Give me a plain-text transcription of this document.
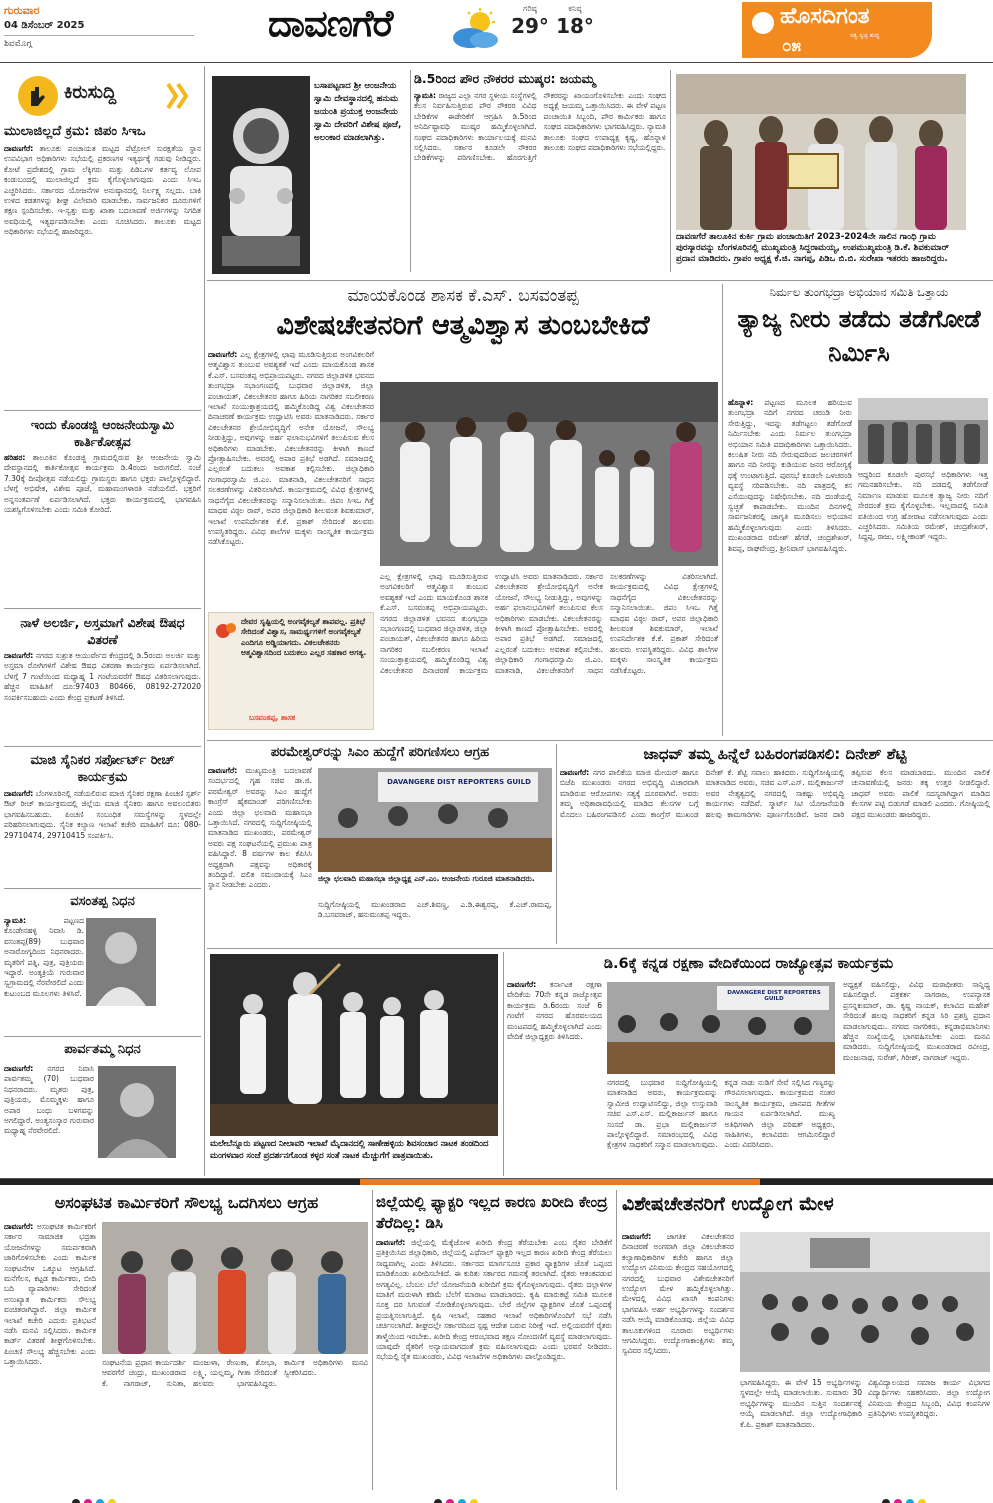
ಗುರುವಾರ
04 ಡಿಸೆಂಬರ್ 2025
ಶಿವಮೊಗ್ಗ	ದಾವಣಗೆರೆ	ಗರಿಷ್ಠ
29°
ಕನಿಷ್ಠ
18°	ಹೊಸದಿಗಂತ
ಸತ್ಯ ಸ್ವಚ್ಛ ಶುದ್ಧ
೦೫
ಕಿರುಸುದ್ದಿ
ಮುಲಾಜಿಲ್ಲದೆ ಕ್ರಮ: ಜಿಪಂ ಸಿಇಒ
ದಾವಣಗೆರೆ: ತಾಲೂಕು ಪಂಚಾಯತ ಮಟ್ಟದ ಪೆಟ್ರೋಲ್ ಸುರಕ್ಷತೆಯ ಸ್ಥಾನ ಉಪವಿಭಾಗ ಅಧಿಕಾರಿಗಳು ಸಭೆಯಲ್ಲಿ ಪ್ರಕರಣಗಳ ಇತ್ಯರ್ಥಕ್ಕೆ ಗಡುವು ನೀಡಿದ್ದರು. ಕೋಟೆ ಪ್ರದೇಶದಲ್ಲಿ ಗ್ರಾಮ ಲೆಕ್ಕಿಗರು ಮತ್ತು ಪಿಡಿಒಗಳ ಕರ್ತವ್ಯ ಲೋಪ ಕಂಡುಬಂದಲ್ಲಿ ಮುಲಾಜಿಲ್ಲದೆ ಕ್ರಮ ಕೈಗೊಳ್ಳಲಾಗುವುದು ಎಂದು ಸಿಇಒ ಎಚ್ಚರಿಸಿದರು. ಸರ್ಕಾರದ ಯೋಜನೆಗಳ ಅನುಷ್ಠಾನದಲ್ಲಿ ನಿರ್ಲಕ್ಷ್ಯ ಸಲ್ಲದು. ಬಾಕಿ ಉಳಿದ ಕಡತಗಳನ್ನು ಶೀಘ್ರ ವಿಲೇವಾರಿ ಮಾಡಬೇಕು. ಸಾರ್ವಜನಿಕರ ದೂರುಗಳಿಗೆ ತಕ್ಷಣ ಸ್ಪಂದಿಸಬೇಕು. ಇ-ಸ್ವತ್ತು ಮತ್ತು ಖಾತಾ ಬದಲಾವಣೆ ಅರ್ಜಿಗಳನ್ನು ನಿಗದಿತ ಅವಧಿಯಲ್ಲಿ ಇತ್ಯರ್ಥಪಡಿಸಬೇಕು ಎಂದು ಸೂಚಿಸಿದರು. ತಾಲೂಕು ಮಟ್ಟದ ಅಧಿಕಾರಿಗಳು ಸಭೆಯಲ್ಲಿ ಹಾಜರಿದ್ದರು.
ಇಂದು ಕೊಂಡಜ್ಜಿ ಆಂಜನೇಯಸ್ವಾಮಿ ಕಾರ್ತಿಕೋತ್ಸವ
ಹರಿಹರ: ತಾಲೂಕಿನ ಕೊಂಡಜ್ಜಿ ಗ್ರಾಮದಲ್ಲಿರುವ ಶ್ರೀ ಆಂಜನೇಯ ಸ್ವಾಮಿ ದೇವಸ್ಥಾನದಲ್ಲಿ ಕಾರ್ತಿಕೋತ್ಸವ ಕಾರ್ಯಕ್ರಮ ಡಿ.4ರಂದು ಜರುಗಲಿದೆ. ಸಂಜೆ 7.30ಕ್ಕೆ ದೀಪೋತ್ಸವ ನಡೆಯಲಿದ್ದು ಗ್ರಾಮಸ್ಥರು ಹಾಗೂ ಭಕ್ತರು ಪಾಲ್ಗೊಳ್ಳಲಿದ್ದಾರೆ. ಬೆಳಗ್ಗೆ ಅಭಿಷೇಕ, ವಿಶೇಷ ಪೂಜೆ, ಮಹಾಮಂಗಳಾರತಿ ನಡೆಯಲಿದೆ. ಭಕ್ತರಿಗೆ ಅನ್ನಸಂತರ್ಪಣೆ ಏರ್ಪಡಿಸಲಾಗಿದೆ. ಭಕ್ತರು ಕಾರ್ಯಕ್ರಮದಲ್ಲಿ ಭಾಗವಹಿಸಿ ಯಶಸ್ವಿಗೊಳಿಸಬೇಕು ಎಂದು ಸಮಿತಿ ಕೋರಿದೆ.
ನಾಳೆ ಅಲರ್ಜಿ, ಅಸ್ತಮಾಗೆ ವಿಶೇಷ ಔಷಧ ವಿತರಣೆ
ದಾವಣಗೆರೆ: ನಗರದ ಸುಶ್ರುತ ಆಯುರ್ವೇದ ಕೇಂದ್ರದಲ್ಲಿ ಡಿ.5ರಂದು ಅಲರ್ಜಿ ಮತ್ತು ಅಸ್ತಮಾ ರೋಗಿಗಳಿಗೆ ವಿಶೇಷ ಔಷಧ ವಿತರಣಾ ಕಾರ್ಯಕ್ರಮ ಏರ್ಪಡಿಸಲಾಗಿದೆ. ಬೆಳಗ್ಗೆ 7 ಗಂಟೆಯಿಂದ ಮಧ್ಯಾಹ್ನ 1 ಗಂಟೆಯವರೆಗೆ ಔಷಧ ವಿತರಿಸಲಾಗುವುದು. ಹೆಚ್ಚಿನ ಮಾಹಿತಿಗೆ ದೂ:97403 80466, 08192-272020 ಸಂಪರ್ಕಿಸಬಹುದು ಎಂದು ಕೇಂದ್ರ ಪ್ರಕಟಣೆ ತಿಳಿಸಿದೆ.
ಮಾಜಿ ಸೈನಿಕರ ಸರ್ಪೋರ್ಟ್ ರೀಚ್ ಕಾರ್ಯಕ್ರಮ
ದಾವಣಗೆರೆ: ಬೆಂಗಳೂರಿನಲ್ಲಿ ನಡೆಯಲಿರುವ ಮಾಜಿ ಸೈನಿಕರ ರಕ್ಷಣಾ ಪಿಂಚಣಿ ಸ್ಪರ್ಶ್ ಔಟ್ ರೀಚ್ ಕಾರ್ಯಕ್ರಮದಲ್ಲಿ ಜಿಲ್ಲೆಯ ಮಾಜಿ ಸೈನಿಕರು ಹಾಗೂ ಅವಲಂಬಿತರು ಭಾಗವಹಿಸಬಹುದು. ಪಿಂಚಣಿ ಸಂಬಂಧಿತ ಸಮಸ್ಯೆಗಳನ್ನು ಸ್ಥಳದಲ್ಲೇ ಪರಿಹರಿಸಲಾಗುವುದು. ಸೈನಿಕ ಕಲ್ಯಾಣ ಇಲಾಖೆ ಕಚೇರಿ ಮಾಹಿತಿಗೆ ದೂ: 080-29710474, 29710415 ಸಂಪರ್ಕಿಸಿ.
ವಸಂತಪ್ಪ ನಿಧನ
ನ್ಯಾಮತಿ:	ಪಟ್ಟಣದ ಕೊಂಡೇನಹಳ್ಳಿ ನಿವಾಸಿ ಡಿ. ವಸಂತಪ್ಪ(89) ಬುಧವಾರ ಅನಾರೋಗ್ಯದಿಂದ ನಿಧನರಾದರು. ಮೃತರಿಗೆ ಪತ್ನಿ, ಪುತ್ರ, ಪುತ್ರಿಯರು ಇದ್ದಾರೆ. ಅಂತ್ಯಕ್ರಿಯೆ ಗುರುವಾರ ಸ್ವಗ್ರಾಮದಲ್ಲಿ ನೆರವೇರಲಿದೆ ಎಂದು ಕುಟುಂಬದ ಮೂಲಗಳು ತಿಳಿಸಿವೆ.
ಪಾರ್ವತಮ್ಮ ನಿಧನ
ದಾವಣಗೆರೆ: ನಗರದ ನಿವಾಸಿ ಪಾರ್ವತಮ್ಮ (70) ಬುಧವಾರ ನಿಧನರಾದರು. ಮೃತರು ಪುತ್ರ, ಪುತ್ರಿಯರು, ಮೊಮ್ಮಕ್ಕಳು ಹಾಗೂ ಅಪಾರ ಬಂಧು ಬಳಗವನ್ನು ಅಗಲಿದ್ದಾರೆ. ಅಂತ್ಯಸಂಸ್ಕಾರ ಗುರುವಾರ ಮಧ್ಯಾಹ್ನ ನೆರವೇರಲಿದೆ.
ಬಸಾಪಟ್ಟಣದ ಶ್ರೀ ಆಂಜನೇಯ ಸ್ವಾಮಿ ದೇವಸ್ಥಾನದಲ್ಲಿ ಹನುಮ ಜಯಂತಿ ಪ್ರಯುಕ್ತ ಆಂಜನೇಯ ಸ್ವಾಮಿ ದೇವರಿಗೆ ವಿಶೇಷ ಪೂಜೆ, ಅಲಂಕಾರ ಮಾಡಲಾಗಿತ್ತು.
ಡಿ.5ರಿಂದ ಪೌರ ನೌಕರರ ಮುಷ್ಕರ: ಜಯಮ್ಮ
ನ್ಯಾಮತಿ: ರಾಜ್ಯದ ಎಲ್ಲಾ ನಗರ ಸ್ಥಳೀಯ ಸಂಸ್ಥೆಗಳಲ್ಲಿ ಕೆಲಸ ನಿರ್ವಹಿಸುತ್ತಿರುವ ಪೌರ ನೌಕರರ ವಿವಿಧ ಬೇಡಿಕೆಗಳ ಈಡೇರಿಕೆಗೆ ಆಗ್ರಹಿಸಿ ಡಿ.5ರಿಂದ ಅನಿರ್ದಿಷ್ಟಾವಧಿ ಮುಷ್ಕರ ಹಮ್ಮಿಕೊಳ್ಳಲಾಗಿದೆ. ಸಂಘದ ಪದಾಧಿಕಾರಿಗಳು ಕಾರ್ಯಾಲಯಕ್ಕೆ ಮನವಿ ಸಲ್ಲಿಸಿದರು. ಸರ್ಕಾರ ಕೂಡಲೇ ನೌಕರರ ಬೇಡಿಕೆಗಳನ್ನು ಪರಿಗಣಿಸಬೇಕು. ಹೊರಗುತ್ತಿಗೆ ನೌಕರರನ್ನು ಖಾಯಂಗೊಳಿಸಬೇಕು ಎಂದು ಸಂಘದ ಅಧ್ಯಕ್ಷೆ ಜಯಮ್ಮ ಒತ್ತಾಯಿಸಿದರು. ಈ ವೇಳೆ ಪಟ್ಟಣ ಪಂಚಾಯಿತಿ ಸಿಬ್ಬಂದಿ, ಪೌರ ಕಾರ್ಮಿಕರು ಹಾಗೂ ಸಂಘದ ಪದಾಧಿಕಾರಿಗಳು ಭಾಗವಹಿಸಿದ್ದರು. ನ್ಯಾಮತಿ ತಾಲೂಕು ಸಂಘದ ಉಪಾಧ್ಯಕ್ಷ ಕೃಷ್ಣ, ಹೊನ್ನಾಳಿ ತಾಲೂಕು ಸಂಘದ ಪದಾಧಿಕಾರಿಗಳು ಸಭೆಯಲ್ಲಿದ್ದರು.
ದಾವಣಗೆರೆ ತಾಲೂಕಿನ ಕುರ್ಕಿ ಗ್ರಾಮ ಪಂಚಾಯಿತಿಗೆ 2023-2024ನೇ ಸಾಲಿನ ಗಾಂಧಿ ಗ್ರಾಮ ಪುರಸ್ಕಾರವನ್ನು ಬೆಂಗಳೂರಿನಲ್ಲಿ ಮುಖ್ಯಮಂತ್ರಿ ಸಿದ್ದರಾಮಯ್ಯ, ಉಪಮುಖ್ಯಮಂತ್ರಿ ಡಿ.ಕೆ. ಶಿವಕುಮಾರ್ ಪ್ರದಾನ ಮಾಡಿದರು. ಗ್ರಾಪಂ ಅಧ್ಯಕ್ಷ ಕೆ.ಜಿ. ನಾಗಪ್ಪ, ಪಿಡಿಒ ಬಿ.ಬಿ. ಸುರೇಖಾ ಇತರರು ಹಾಜರಿದ್ದರು.
ಮಾಯಕೊಂಡ ಶಾಸಕ ಕೆ.ಎಸ್. ಬಸವಂತಪ್ಪ
ವಿಶೇಷಚೇತನರಿಗೆ ಆತ್ಮವಿಶ್ವಾಸ ತುಂಬಬೇಕಿದೆ
ದಾವಣಗೆರೆ: ಎಲ್ಲ ಕ್ಷೇತ್ರಗಳಲ್ಲಿ ಛಾಪು ಮೂಡಿಸುತ್ತಿರುವ ಅಂಗವಿಕಲರಿಗೆ ಆತ್ಮವಿಶ್ವಾಸ ತುಂಬುವ ಅವಶ್ಯಕತೆ ಇದೆ ಎಂದು ಮಾಯಕೊಂಡ ಶಾಸಕ ಕೆ.ಎಸ್. ಬಸವಂತಪ್ಪ ಅಭಿಪ್ರಾಯಪಟ್ಟರು. ನಗರದ ಜಿಲ್ಲಾಡಳಿತ ಭವನದ ತುಂಗಭದ್ರಾ ಸಭಾಂಗಣದಲ್ಲಿ ಬುಧವಾರ ಜಿಲ್ಲಾಡಳಿತ, ಜಿಲ್ಲಾ ಪಂಚಾಯತ್, ವಿಕಲಚೇತನರ ಹಾಗೂ ಹಿರಿಯ ನಾಗರಿಕರ ಸಬಲೀಕರಣ ಇಲಾಖೆ ಸಂಯುಕ್ತಾಶ್ರಯದಲ್ಲಿ ಹಮ್ಮಿಕೊಂಡಿದ್ದ ವಿಶ್ವ ವಿಕಲಚೇತನರ ದಿನಾಚರಣೆ ಕಾರ್ಯಕ್ರಮ ಉದ್ಘಾಟಿಸಿ ಅವರು ಮಾತನಾಡಿದರು. ಸರ್ಕಾರ ವಿಕಲಚೇತನರ ಶ್ರೇಯೋಭಿವೃದ್ಧಿಗೆ ಅನೇಕ ಯೋಜನೆ, ಸೌಲಭ್ಯ ನೀಡುತ್ತಿದ್ದು, ಅವುಗಳನ್ನು ಅರ್ಹ ಫಲಾನುಭವಿಗಳಿಗೆ ತಲುಪಿಸುವ ಕೆಲಸ ಅಧಿಕಾರಿಗಳು ಮಾಡಬೇಕು. ವಿಕಲಚೇತನರನ್ನು ಕೀಳಾಗಿ ಕಾಣದೆ ಪ್ರೋತ್ಸಾಹಿಸಬೇಕು. ಅವರಲ್ಲಿ ಅಪಾರ ಪ್ರತಿಭೆ ಅಡಗಿದೆ. ಸಮಾಜದಲ್ಲಿ ಎಲ್ಲರಂತೆ ಬದುಕಲು ಅವಕಾಶ ಕಲ್ಪಿಸಬೇಕು. ಜಿಲ್ಲಾಧಿಕಾರಿ ಗಂಗಾಧರಸ್ವಾಮಿ ಜಿ.ಎಂ. ಮಾತನಾಡಿ, ವಿಕಲಚೇತನರಿಗೆ ಸಾಧನ ಸಲಕರಣೆಗಳನ್ನು ವಿತರಿಸಲಾಗಿದೆ. ಕಾರ್ಯಕ್ರಮದಲ್ಲಿ ವಿವಿಧ ಕ್ಷೇತ್ರಗಳಲ್ಲಿ ಸಾಧನೆಗೈದ ವಿಕಲಚೇತನರನ್ನು ಸನ್ಮಾನಿಸಲಾಯಿತು. ಜಿಪಂ ಸಿಇಒ ಗಿತ್ತೆ ಮಾಧವ ವಿಠ್ಠಲ ರಾವ್, ಅಪರ ಜಿಲ್ಲಾಧಿಕಾರಿ ಶೀಲವಂತ ಶಿವಕುಮಾರ್, ಇಲಾಖೆ ಉಪನಿರ್ದೇಶಕ ಕೆ.ಕೆ. ಪ್ರಕಾಶ್ ಸೇರಿದಂತೆ ಹಲವರು ಉಪಸ್ಥಿತರಿದ್ದರು. ವಿವಿಧ ಶಾಲೆಗಳ ಮಕ್ಕಳು ಸಾಂಸ್ಕೃತಿಕ ಕಾರ್ಯಕ್ರಮ ನಡೆಸಿಕೊಟ್ಟರು.
ದೇವರ ಸೃಷ್ಟಿಯಲ್ಲಿ ಅಂಗವೈಕಲ್ಯತೆ ಶಾಪವಲ್ಲ. ಪ್ರತಿಭೆ ಸೇರಿದಂತೆ ವಿಶ್ವಾಸ, ಸಾಮರ್ಥ್ಯಗಳಿಗೆ ಅಂಗವೈಕಲ್ಯತೆ ಎಂದಿಗೂ ಅಡ್ಡಿಯಾಗದು. ವಿಕಲಚೇತನರು ಆತ್ಮವಿಶ್ವಾಸದಿಂದ ಬದುಕಲು ಎಲ್ಲರ ಸಹಕಾರ ಅಗತ್ಯ.
ಬಸವಂತಪ್ಪ, ಶಾಸಕ
ಎಲ್ಲ ಕ್ಷೇತ್ರಗಳಲ್ಲಿ ಛಾಪು ಮೂಡಿಸುತ್ತಿರುವ ಅಂಗವಿಕಲರಿಗೆ ಆತ್ಮವಿಶ್ವಾಸ ತುಂಬುವ ಅವಶ್ಯಕತೆ ಇದೆ ಎಂದು ಮಾಯಕೊಂಡ ಶಾಸಕ ಕೆ.ಎಸ್. ಬಸವಂತಪ್ಪ ಅಭಿಪ್ರಾಯಪಟ್ಟರು. ನಗರದ ಜಿಲ್ಲಾಡಳಿತ ಭವನದ ತುಂಗಭದ್ರಾ ಸಭಾಂಗಣದಲ್ಲಿ ಬುಧವಾರ ಜಿಲ್ಲಾಡಳಿತ, ಜಿಲ್ಲಾ ಪಂಚಾಯತ್, ವಿಕಲಚೇತನರ ಹಾಗೂ ಹಿರಿಯ ನಾಗರಿಕರ ಸಬಲೀಕರಣ ಇಲಾಖೆ ಸಂಯುಕ್ತಾಶ್ರಯದಲ್ಲಿ ಹಮ್ಮಿಕೊಂಡಿದ್ದ ವಿಶ್ವ ವಿಕಲಚೇತನರ ದಿನಾಚರಣೆ ಕಾರ್ಯಕ್ರಮ ಉದ್ಘಾಟಿಸಿ ಅವರು ಮಾತನಾಡಿದರು. ಸರ್ಕಾರ ವಿಕಲಚೇತನರ ಶ್ರೇಯೋಭಿವೃದ್ಧಿಗೆ ಅನೇಕ ಯೋಜನೆ, ಸೌಲಭ್ಯ ನೀಡುತ್ತಿದ್ದು, ಅವುಗಳನ್ನು ಅರ್ಹ ಫಲಾನುಭವಿಗಳಿಗೆ ತಲುಪಿಸುವ ಕೆಲಸ ಅಧಿಕಾರಿಗಳು ಮಾಡಬೇಕು. ವಿಕಲಚೇತನರನ್ನು ಕೀಳಾಗಿ ಕಾಣದೆ ಪ್ರೋತ್ಸಾಹಿಸಬೇಕು. ಅವರಲ್ಲಿ ಅಪಾರ ಪ್ರತಿಭೆ ಅಡಗಿದೆ. ಸಮಾಜದಲ್ಲಿ ಎಲ್ಲರಂತೆ ಬದುಕಲು ಅವಕಾಶ ಕಲ್ಪಿಸಬೇಕು. ಜಿಲ್ಲಾಧಿಕಾರಿ ಗಂಗಾಧರಸ್ವಾಮಿ ಜಿ.ಎಂ. ಮಾತನಾಡಿ, ವಿಕಲಚೇತನರಿಗೆ ಸಾಧನ ಸಲಕರಣೆಗಳನ್ನು ವಿತರಿಸಲಾಗಿದೆ. ಕಾರ್ಯಕ್ರಮದಲ್ಲಿ ವಿವಿಧ ಕ್ಷೇತ್ರಗಳಲ್ಲಿ ಸಾಧನೆಗೈದ ವಿಕಲಚೇತನರನ್ನು ಸನ್ಮಾನಿಸಲಾಯಿತು. ಜಿಪಂ ಸಿಇಒ ಗಿತ್ತೆ ಮಾಧವ ವಿಠ್ಠಲ ರಾವ್, ಅಪರ ಜಿಲ್ಲಾಧಿಕಾರಿ ಶೀಲವಂತ ಶಿವಕುಮಾರ್, ಇಲಾಖೆ ಉಪನಿರ್ದೇಶಕ ಕೆ.ಕೆ. ಪ್ರಕಾಶ್ ಸೇರಿದಂತೆ ಹಲವರು ಉಪಸ್ಥಿತರಿದ್ದರು. ವಿವಿಧ ಶಾಲೆಗಳ ಮಕ್ಕಳು ಸಾಂಸ್ಕೃತಿಕ ಕಾರ್ಯಕ್ರಮ ನಡೆಸಿಕೊಟ್ಟರು.
ನಿರ್ಮಲ ತುಂಗಭದ್ರಾ ಅಭಿಯಾನ ಸಮಿತಿ ಒತ್ತಾಯ
ತ್ಯಾಜ್ಯ ನೀರು ತಡೆದು ತಡೆಗೋಡೆ ನಿರ್ಮಿಸಿ
ಹೊನ್ನಾಳಿ: ಪಟ್ಟಣದ ಮೂಲಕ ಹರಿಯುವ ತುಂಗಭದ್ರಾ ನದಿಗೆ ನಗರದ ಚರಂಡಿ ನೀರು ಸೇರುತ್ತಿದ್ದು, ಇದನ್ನು ತಡೆಗಟ್ಟಲು ತಡೆಗೋಡೆ ನಿರ್ಮಿಸಬೇಕು ಎಂದು ನಿರ್ಮಲ ತುಂಗಭದ್ರಾ ಅಭಿಯಾನ ಸಮಿತಿ ಪದಾಧಿಕಾರಿಗಳು ಒತ್ತಾಯಿಸಿದರು. ಕಲುಷಿತ ನೀರು ನದಿ ಸೇರುವುದರಿಂದ ಜಲಚರಗಳಿಗೆ ಹಾಗೂ ನದಿ ನೀರನ್ನು ಕುಡಿಯುವ ಜನರ ಆರೋಗ್ಯಕ್ಕೆ ಧಕ್ಕೆ ಉಂಟಾಗುತ್ತಿದೆ. ಪುರಸಭೆ ಕೂಡಲೇ ಒಳಚರಂಡಿ ವ್ಯವಸ್ಥೆ ಸರಿಪಡಿಸಬೇಕು. ನದಿ ಪಾತ್ರದಲ್ಲಿ ಕಸ ಎಸೆಯುವುದನ್ನು ನಿಷೇಧಿಸಬೇಕು. ನದಿ ದಂಡೆಯಲ್ಲಿ ಸ್ವಚ್ಛತೆ ಕಾಪಾಡಬೇಕು. ಮುಂದಿನ ದಿನಗಳಲ್ಲಿ ಸಾರ್ವಜನಿಕರಲ್ಲಿ ಜಾಗೃತಿ ಮೂಡಿಸಲು ಅಭಿಯಾನ ಹಮ್ಮಿಕೊಳ್ಳಲಾಗುವುದು ಎಂದು ತಿಳಿಸಿದರು. ಮುಖಂಡರಾದ ರಮೇಶ್ ಹೆಗಡೆ, ಚಂದ್ರಶೇಖರ್, ಶಿವಪ್ಪ, ರಾಘವೇಂದ್ರ, ಶ್ರೀನಿವಾಸ್ ಭಾಗವಹಿಸಿದ್ದರು.
ಆದ್ದರಿಂದ ಕೂಡಲೇ ಪುರಸಭೆ ಅಧಿಕಾರಿಗಳು ಇತ್ತ ಗಮನಹರಿಸಬೇಕು. ನದಿ ದಡದಲ್ಲಿ ತಡೆಗೋಡೆ ನಿರ್ಮಾಣ ಮಾಡುವ ಮೂಲಕ ತ್ಯಾಜ್ಯ ನೀರು ನದಿಗೆ ಸೇರದಂತೆ ಕ್ರಮ ಕೈಗೊಳ್ಳಬೇಕು. ಇಲ್ಲವಾದಲ್ಲಿ ಸಮಿತಿ ವತಿಯಿಂದ ಉಗ್ರ ಹೋರಾಟ ನಡೆಸಲಾಗುವುದು ಎಂದು ಎಚ್ಚರಿಸಿದರು. ಸಮಿತಿಯ ರಮೇಶ್, ಚಂದ್ರಶೇಖರ್, ಸಿದ್ದಪ್ಪ, ರಾಜು, ಲಕ್ಷ್ಮೀಕಾಂತ್ ಇದ್ದರು.
ಪರಮೇಶ್ವರ್‌ರನ್ನು ಸಿಎಂ ಹುದ್ದೆಗೆ ಪರಿಗಣಿಸಲು ಆಗ್ರಹ
ದಾವಣಗೆರೆ: ಮುಖ್ಯಮಂತ್ರಿ ಬದಲಾವಣೆ ಸಂದರ್ಭದಲ್ಲಿ ಗೃಹ ಸಚಿವ ಡಾ.ಜಿ. ಪರಮೇಶ್ವರ್ ಅವರನ್ನು ಸಿಎಂ ಹುದ್ದೆಗೆ ಕಾಂಗ್ರೆಸ್ ಹೈಕಮಾಂಡ್ ಪರಿಗಣಿಸಬೇಕು ಎಂದು ಜಿಲ್ಲಾ ಛಲವಾದಿ ಮಹಾಸಭಾ ಒತ್ತಾಯಿಸಿದೆ. ನಗರದಲ್ಲಿ ಸುದ್ದಿಗೋಷ್ಠಿಯಲ್ಲಿ ಮಾತನಾಡಿದ ಮುಖಂಡರು, ಪರಮೇಶ್ವರ್ ಅವರು ಪಕ್ಷ ಸಂಘಟನೆಯಲ್ಲಿ ಪ್ರಮುಖ ಪಾತ್ರ ವಹಿಸಿದ್ದಾರೆ. 8 ವರ್ಷಗಳ ಕಾಲ ಕೆಪಿಸಿಸಿ ಅಧ್ಯಕ್ಷರಾಗಿ ಪಕ್ಷವನ್ನು ಅಧಿಕಾರಕ್ಕೆ ತಂದಿದ್ದಾರೆ. ದಲಿತ ಸಮುದಾಯಕ್ಕೆ ಸಿಎಂ ಸ್ಥಾನ ನೀಡಬೇಕು ಎಂದರು.
DAVANGERE DIST REPORTERS GUILD
ಜಿಲ್ಲಾ ಛಲವಾದಿ ಮಹಾಸಭಾ ಜಿಲ್ಲಾಧ್ಯಕ್ಷ ಎನ್.ಎಂ. ಆಂಜನೇಯ ಗುರೂಜಿ ಮಾತನಾಡಿದರು.
ಸುದ್ದಿಗೋಷ್ಠಿಯಲ್ಲಿ ಮುಖಂಡರಾದ ಎಚ್.ಶಿವಣ್ಣ, ಎ.ಡಿ.ಈಶ್ವರಪ್ಪ, ಕೆ.ಎಚ್.ರಾಮಪ್ಪ, ಡಿ.ಬಸವರಾಜ್, ಹನುಮಂತಪ್ಪ ಇದ್ದರು.
ಜಾಧವ್ ತಮ್ಮ ಹಿನ್ನೆಲೆ ಬಹಿರಂಗಪಡಿಸಲಿ: ದಿನೇಶ್ ಶೆಟ್ಟಿ
ದಾವಣಗೆರೆ: ನಗರ ಪಾಲಿಕೆಯ ಮಾಜಿ ಮೇಯರ್ ಹಾಗೂ ಬಿಜೆಪಿ ಮುಖಂಡರು ನಗರದ ಅಭಿವೃದ್ಧಿ ವಿಚಾರವಾಗಿ ಮಾಡಿರುವ ಆರೋಪಗಳು ಸತ್ಯಕ್ಕೆ ದೂರವಾಗಿವೆ. ಅವರು ತಮ್ಮ ಅಧಿಕಾರಾವಧಿಯಲ್ಲಿ ಮಾಡಿದ ಕೆಲಸಗಳ ಬಗ್ಗೆ ಮೊದಲು ಬಹಿರಂಗಪಡಿಸಲಿ ಎಂದು ಕಾಂಗ್ರೆಸ್ ಮುಖಂಡ ದಿನೇಶ್ ಕೆ. ಶೆಟ್ಟಿ ಸವಾಲು ಹಾಕಿದರು. ಸುದ್ದಿಗೋಷ್ಠಿಯಲ್ಲಿ ಮಾತನಾಡಿದ ಅವರು, ಸಚಿವ ಎಸ್.ಎಸ್. ಮಲ್ಲಿಕಾರ್ಜುನ್ ಅವರ ನೇತೃತ್ವದಲ್ಲಿ ನಗರದಲ್ಲಿ ಸಾಕಷ್ಟು ಅಭಿವೃದ್ಧಿ ಕಾರ್ಯಗಳು ನಡೆದಿವೆ. ಸ್ಮಾರ್ಟ್ ಸಿಟಿ ಯೋಜನೆಯಡಿ ಹಲವು ಕಾಮಗಾರಿಗಳು ಪೂರ್ಣಗೊಂಡಿವೆ. ಜನರ ದಾರಿ ತಪ್ಪಿಸುವ ಕೆಲಸ ಮಾಡಬಾರದು. ಮುಂದಿನ ಪಾಲಿಕೆ ಚುನಾವಣೆಯಲ್ಲಿ ಜನರು ತಕ್ಕ ಉತ್ತರ ನೀಡಲಿದ್ದಾರೆ. ಜಾಧವ್ ಅವರು ಪಾಲಿಕೆ ಸದಸ್ಯರಾಗಿದ್ದಾಗ ಮಾಡಿದ ಕೆಲಸಗಳ ಪಟ್ಟಿ ಬಿಡುಗಡೆ ಮಾಡಲಿ ಎಂದರು. ಗೋಷ್ಠಿಯಲ್ಲಿ ಪಕ್ಷದ ಮುಖಂಡರು ಹಾಜರಿದ್ದರು.
ಮಲೇಬೆನ್ನೂರು ಪಟ್ಟಣದ ನೀಲಾವರಿ ಇಲಾಖೆ ಮೈದಾನದಲ್ಲಿ ಸಾಣೇಹಳ್ಳಿಯ ಶಿವಸಂಚಾರ ನಾಟಕ ತಂಡದಿಂದ ಮಂಗಳವಾರ ಸಂಜೆ ಪ್ರದರ್ಶನಗೊಂಡ ಕಳ್ಳರ ಸಂತೆ ನಾಟಕ ಮೆಚ್ಚುಗೆಗೆ ಪಾತ್ರವಾಯಿತು.
ಡಿ.6ಕ್ಕೆ ಕನ್ನಡ ರಕ್ಷಣಾ ವೇದಿಕೆಯಿಂದ ರಾಜ್ಯೋತ್ಸವ ಕಾರ್ಯಕ್ರಮ
ದಾವಣಗೆರೆ: ಕರ್ನಾಟಕ ರಕ್ಷಣಾ ವೇದಿಕೆಯ 70ನೇ ಕನ್ನಡ ರಾಜ್ಯೋತ್ಸವ ಕಾರ್ಯಕ್ರಮ ಡಿ.6ರಂದು ಸಂಜೆ 6 ಗಂಟೆಗೆ ನಗರದ ಹೊರವಲಯದ ಮಂಟಪದಲ್ಲಿ ಹಮ್ಮಿಕೊಳ್ಳಲಾಗಿದೆ ಎಂದು ವೇದಿಕೆ ಜಿಲ್ಲಾಧ್ಯಕ್ಷರು ತಿಳಿಸಿದರು.
DAVANGERE DIST REPORTERS GUILD
ನಗರದಲ್ಲಿ ಬುಧವಾರ ಸುದ್ದಿಗೋಷ್ಠಿಯಲ್ಲಿ ಮಾತನಾಡಿದ ಅವರು, ಕಾರ್ಯಕ್ರಮವನ್ನು ಸ್ವಾಮೀಜಿ ಉದ್ಘಾಟಿಸಲಿದ್ದು, ಜಿಲ್ಲಾ ಉಸ್ತುವಾರಿ ಸಚಿವ ಎಸ್.ಎಸ್. ಮಲ್ಲಿಕಾರ್ಜುನ್ ಹಾಗೂ ಸಂಸದೆ ಡಾ. ಪ್ರಭಾ ಮಲ್ಲಿಕಾರ್ಜುನ್ ಪಾಲ್ಗೊಳ್ಳಲಿದ್ದಾರೆ. ಸಮಾರಂಭದಲ್ಲಿ ವಿವಿಧ ಕ್ಷೇತ್ರಗಳ ಸಾಧಕರಿಗೆ ಸನ್ಮಾನ ಮಾಡಲಾಗುವುದು. ಕನ್ನಡ ನಾಡು ನುಡಿಗೆ ಸೇವೆ ಸಲ್ಲಿಸಿದ ಗಣ್ಯರನ್ನು ಗೌರವಿಸಲಾಗುವುದು. ಕಾರ್ಯಕ್ರಮದ ನಂತರ ಸಾಂಸ್ಕೃತಿಕ ಕಾರ್ಯಕ್ರಮ, ಜಾನಪದ ಗೀತೆಗಳ ಗಾಯನ ಏರ್ಪಡಿಸಲಾಗಿದೆ. ಮುಖ್ಯ ಅತಿಥಿಗಳಾಗಿ ಜಿಲ್ಲಾ ಪರಿಷತ್ ಅಧ್ಯಕ್ಷರು, ಸಾಹಿತಿಗಳು, ಕಲಾವಿದರು ಆಗಮಿಸಲಿದ್ದಾರೆ ಎಂದು ವಿವರಿಸಿದರು.
ಅಧ್ಯಕ್ಷತೆ ವಹಿಸಲಿದ್ದು, ವಿವಿಧ ಮಠಾಧೀಶರು ಸಾನ್ನಿಧ್ಯ ವಹಿಸಲಿದ್ದಾರೆ. ಪತ್ರಕರ್ತ ನಾಗರಾಜ, ಉಪನ್ಯಾಸಕ ಪ್ರಸನ್ನಕುಮಾರ್, ಡಾ. ಕೃಷ್ಣ ನಾಯಕ್, ಕಲಾವಿದ ಮಹೇಶ್ ಸೇರಿದಂತೆ ಹಲವು ಸಾಧಕರಿಗೆ ಕನ್ನಡ ಸಿರಿ ಪ್ರಶಸ್ತಿ ಪ್ರದಾನ ಮಾಡಲಾಗುವುದು. ನಗರದ ನಾಗರಿಕರು, ಕನ್ನಡಾಭಿಮಾನಿಗಳು ಹೆಚ್ಚಿನ ಸಂಖ್ಯೆಯಲ್ಲಿ ಭಾಗವಹಿಸಬೇಕು ಎಂದು ಮನವಿ ಮಾಡಿದರು. ಸುದ್ದಿಗೋಷ್ಠಿಯಲ್ಲಿ ಮುಖಂಡರಾದ ರವೀಂದ್ರ, ಮಂಜುನಾಥ, ಸುರೇಶ್, ಗಿರೀಶ್, ನಾಗರಾಜ್ ಇದ್ದರು.
ಅಸಂಘಟಿತ ಕಾರ್ಮಿಕರಿಗೆ ಸೌಲಭ್ಯ ಒದಗಿಸಲು ಆಗ್ರಹ
ದಾವಣಗೆರೆ: ಅಸಂಘಟಿತ ಕಾರ್ಮಿಕರಿಗೆ ಸರ್ಕಾರ ಸಾಮಾಜಿಕ ಭದ್ರತಾ ಯೋಜನೆಗಳನ್ನು ಸಮರ್ಪಕವಾಗಿ ಜಾರಿಗೊಳಿಸಬೇಕು ಎಂದು ಕಾರ್ಮಿಕ ಸಂಘಟನೆಗಳ ಒಕ್ಕೂಟ ಆಗ್ರಹಿಸಿದೆ. ಮನೆಗೆಲಸ, ಕಟ್ಟಡ ಕಾರ್ಮಿಕರು, ಬೀದಿ ಬದಿ ವ್ಯಾಪಾರಿಗಳು ಸೇರಿದಂತೆ ಅಸಂಖ್ಯಾತ ಕಾರ್ಮಿಕರು ಸೌಲಭ್ಯ ವಂಚಿತರಾಗಿದ್ದಾರೆ. ಜಿಲ್ಲಾ ಕಾರ್ಮಿಕ ಇಲಾಖೆ ಕಚೇರಿ ಎದುರು ಪ್ರತಿಭಟನೆ ನಡೆಸಿ ಮನವಿ ಸಲ್ಲಿಸಿದರು. ಕಾರ್ಮಿಕ ಕಾರ್ಡ್ ವಿತರಣೆ ಶೀಘ್ರಗೊಳಿಸಬೇಕು. ಪಿಂಚಣಿ ಸೌಲಭ್ಯ ಹೆಚ್ಚಿಸಬೇಕು ಎಂದು ಒತ್ತಾಯಿಸಿದರು.	ಸಂಘಟನೆಯ ಪ್ರಧಾನ ಕಾರ್ಯದರ್ಶಿ ಆವರಗೆರೆ ಚಂದ್ರು, ಮುಖಂಡರಾದ ಕೆ. ನಾಗರಾಜ್, ಸುನಿತಾ, ಮಂಜುಳಾ, ರೇಣುಕಾ, ಶೋಭಾ, ಲಕ್ಷ್ಮಿ, ಯಲ್ಲಮ್ಮ, ಗೀತಾ ಸೇರಿದಂತೆ ಹಲವರು ಭಾಗವಹಿಸಿದ್ದರು. ಕಾರ್ಮಿಕ ಅಧಿಕಾರಿಗಳು ಮನವಿ ಸ್ವೀಕರಿಸಿದರು.
ಜಿಲ್ಲೆಯಲ್ಲಿ ಫ್ಯಾಕ್ಟರಿ ಇಲ್ಲದ ಕಾರಣ ಖರೀದಿ ಕೇಂದ್ರ ತೆರೆದಿಲ್ಲ: ಡಿಸಿ
ದಾವಣಗೆರೆ: ಜಿಲ್ಲೆಯಲ್ಲಿ ಮೆಕ್ಕೆಜೋಳ ಖರೀದಿ ಕೇಂದ್ರ ತೆರೆಯಬೇಕು ಎಂಬ ರೈತರ ಬೇಡಿಕೆಗೆ ಪ್ರತಿಕ್ರಿಯಿಸಿದ ಜಿಲ್ಲಾಧಿಕಾರಿ, ಜಿಲ್ಲೆಯಲ್ಲಿ ಎಥೆನಾಲ್ ಫ್ಯಾಕ್ಟರಿ ಇಲ್ಲದ ಕಾರಣ ಖರೀದಿ ಕೇಂದ್ರ ತೆರೆಯಲು ಸಾಧ್ಯವಾಗಿಲ್ಲ ಎಂದು ತಿಳಿಸಿದರು. ಸರ್ಕಾರದ ಮಾರ್ಗಸೂಚಿ ಪ್ರಕಾರ ಫ್ಯಾಕ್ಟರಿಗಳ ಜೊತೆ ಒಪ್ಪಂದ ಮಾಡಿಕೊಂಡು ಖರೀದಿಸಬೇಕಿದೆ. ಈ ಕುರಿತು ಸರ್ಕಾರದ ಗಮನಕ್ಕೆ ತರಲಾಗಿದೆ. ರೈತರು ಆತಂಕಪಡುವ ಅಗತ್ಯವಿಲ್ಲ. ಬೆಂಬಲ ಬೆಲೆ ಯೋಜನೆಯಡಿ ಖರೀದಿಗೆ ಕ್ರಮ ಕೈಗೊಳ್ಳಲಾಗುವುದು. ರೈತರು ದಲ್ಲಾಳಿಗಳ ಮಾತಿಗೆ ಮರುಳಾಗಿ ಕಡಿಮೆ ಬೆಲೆಗೆ ಮಾರಾಟ ಮಾಡಬಾರದು. ಕೃಷಿ ಮಾರುಕಟ್ಟೆ ಸಮಿತಿ ಮೂಲಕ ಸೂಕ್ತ ದರ ಸಿಗುವಂತೆ ನೋಡಿಕೊಳ್ಳಲಾಗುವುದು. ಬೇರೆ ಜಿಲ್ಲೆಗಳ ಫ್ಯಾಕ್ಟರಿಗಳ ಜೊತೆ ಒಪ್ಪಂದಕ್ಕೆ ಪ್ರಯತ್ನಿಸಲಾಗುತ್ತಿದೆ. ಕೃಷಿ ಇಲಾಖೆ, ಸಹಕಾರ ಇಲಾಖೆ ಅಧಿಕಾರಿಗಳೊಂದಿಗೆ ಸಭೆ ನಡೆಸಿ ಚರ್ಚಿಸಲಾಗಿದೆ. ಶೀಘ್ರದಲ್ಲೇ ಸರ್ಕಾರದಿಂದ ಸ್ಪಷ್ಟ ಆದೇಶ ಬರುವ ನಿರೀಕ್ಷೆ ಇದೆ. ಅಲ್ಲಿಯವರೆಗೆ ರೈತರು ತಾಳ್ಮೆಯಿಂದ ಇರಬೇಕು. ಖರೀದಿ ಕೇಂದ್ರ ಆರಂಭವಾದ ತಕ್ಷಣ ನೋಂದಣಿಗೆ ವ್ಯವಸ್ಥೆ ಮಾಡಲಾಗುವುದು. ಯಾವುದೇ ರೈತರಿಗೆ ಅನ್ಯಾಯವಾಗದಂತೆ ಕ್ರಮ ವಹಿಸಲಾಗುವುದು ಎಂದು ಭರವಸೆ ನೀಡಿದರು. ಸಭೆಯಲ್ಲಿ ರೈತ ಮುಖಂಡರು, ವಿವಿಧ ಇಲಾಖೆಗಳ ಅಧಿಕಾರಿಗಳು ಪಾಲ್ಗೊಂಡಿದ್ದರು.
ವಿಶೇಷಚೇತನರಿಗೆ ಉದ್ಯೋಗ ಮೇಳ
ದಾವಣಗೆರೆ: ಜಾಗತಿಕ ವಿಕಲಚೇತನರ ದಿನಾಚರಣೆ ಅಂಗವಾಗಿ ಜಿಲ್ಲಾ ವಿಕಲಚೇತನರ ಕಲ್ಯಾಣಾಧಿಕಾರಿಗಳ ಕಚೇರಿ ಹಾಗೂ ಜಿಲ್ಲಾ ಉದ್ಯೋಗ ವಿನಿಮಯ ಕೇಂದ್ರದ ಸಹಯೋಗದಲ್ಲಿ ನಗರದಲ್ಲಿ ಬುಧವಾರ ವಿಶೇಷಚೇತನರಿಗೆ ಉದ್ಯೋಗ ಮೇಳ ಹಮ್ಮಿಕೊಳ್ಳಲಾಗಿತ್ತು. ಮೇಳದಲ್ಲಿ ವಿವಿಧ ಖಾಸಗಿ ಕಂಪನಿಗಳು ಭಾಗವಹಿಸಿ ಅರ್ಹ ಅಭ್ಯರ್ಥಿಗಳನ್ನು ಸಂದರ್ಶನ ನಡೆಸಿ ಆಯ್ಕೆ ಮಾಡಿಕೊಂಡವು. ಜಿಲ್ಲೆಯ ವಿವಿಧ ತಾಲೂಕುಗಳಿಂದ ನೂರಾರು ಅಭ್ಯರ್ಥಿಗಳು ಆಗಮಿಸಿದ್ದರು. ಉದ್ಯೋಗಾಕಾಂಕ್ಷಿಗಳು ತಮ್ಮ ಸ್ವವಿವರ ಸಲ್ಲಿಸಿದರು.
ಭಾಗವಹಿಸಿದ್ದರು. ಈ ವೇಳೆ 15 ಅಭ್ಯರ್ಥಿಗಳನ್ನು ಸ್ಥಳದಲ್ಲೇ ಆಯ್ಕೆ ಮಾಡಲಾಯಿತು. ಸುಮಾರು 30 ಅಭ್ಯರ್ಥಿಗಳನ್ನು ಮುಂದಿನ ಸುತ್ತಿನ ಸಂದರ್ಶನಕ್ಕೆ ಆಯ್ಕೆ ಮಾಡಲಾಗಿದೆ. ಜಿಲ್ಲಾ ಉದ್ಯೋಗಾಧಿಕಾರಿ ಕೆ.ಪಿ. ಪ್ರಕಾಶ್ ಮಾತನಾಡಿದರು.
ವಿಶ್ವವಿದ್ಯಾಲಯದ ಸಮಾಜ ಕಾರ್ಯ ವಿಭಾಗದ ವಿದ್ಯಾರ್ಥಿಗಳು ಸಹಕರಿಸಿದರು. ಜಿಲ್ಲಾ ಉದ್ಯೋಗ ವಿನಿಮಯ ಕೇಂದ್ರದ ಸಿಬ್ಬಂದಿ, ವಿವಿಧ ಕಂಪನಿಗಳ ಪ್ರತಿನಿಧಿಗಳು ಉಪಸ್ಥಿತರಿದ್ದರು.
